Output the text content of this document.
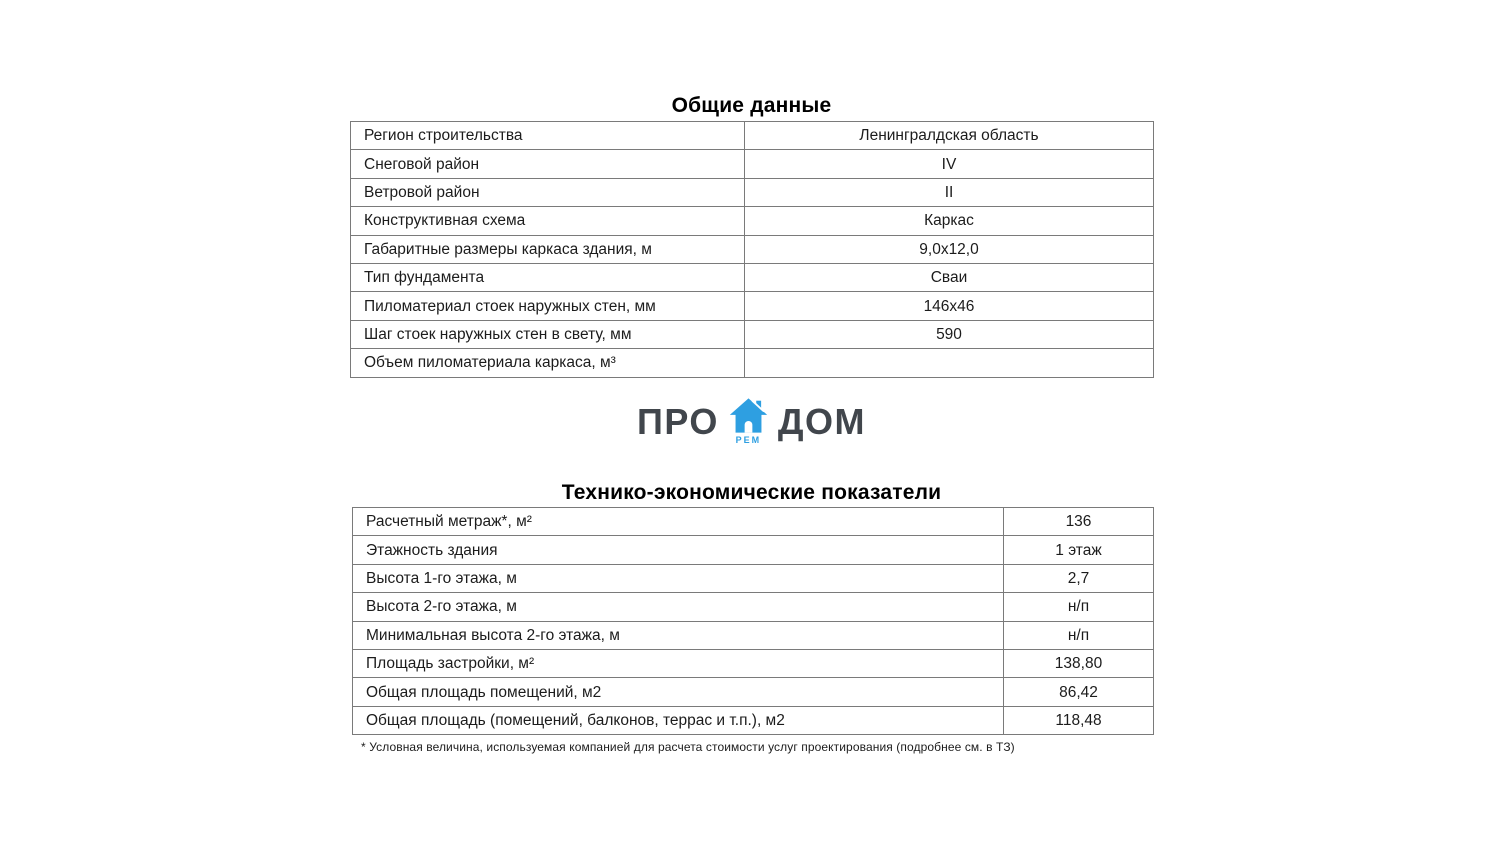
Общие данные
Регион строительства	Ленингралдская область
Снеговой район	IV
Ветровой район	II
Конструктивная схема	Каркас
Габаритные размеры каркаса здания, м	9,0x12,0
Тип фундамента	Сваи
Пиломатериал стоек наружных стен, мм	146x46
Шаг стоек наружных стен в свету, мм	590
Объем пиломатериала каркаса, м³	
ПРО РЕМ ДОМ
Технико-экономические показатели
Расчетный метраж*, м²	136
Этажность здания	1 этаж
Высота 1-го этажа, м	2,7
Высота 2-го этажа, м	н/п
Минимальная высота 2-го этажа, м	н/п
Площадь застройки, м²	138,80
Общая площадь помещений, м2	86,42
Общая площадь (помещений, балконов, террас и т.п.), м2	118,48
* Условная величина, используемая компанией для расчета стоимости услуг проектирования (подробнее см. в ТЗ)
